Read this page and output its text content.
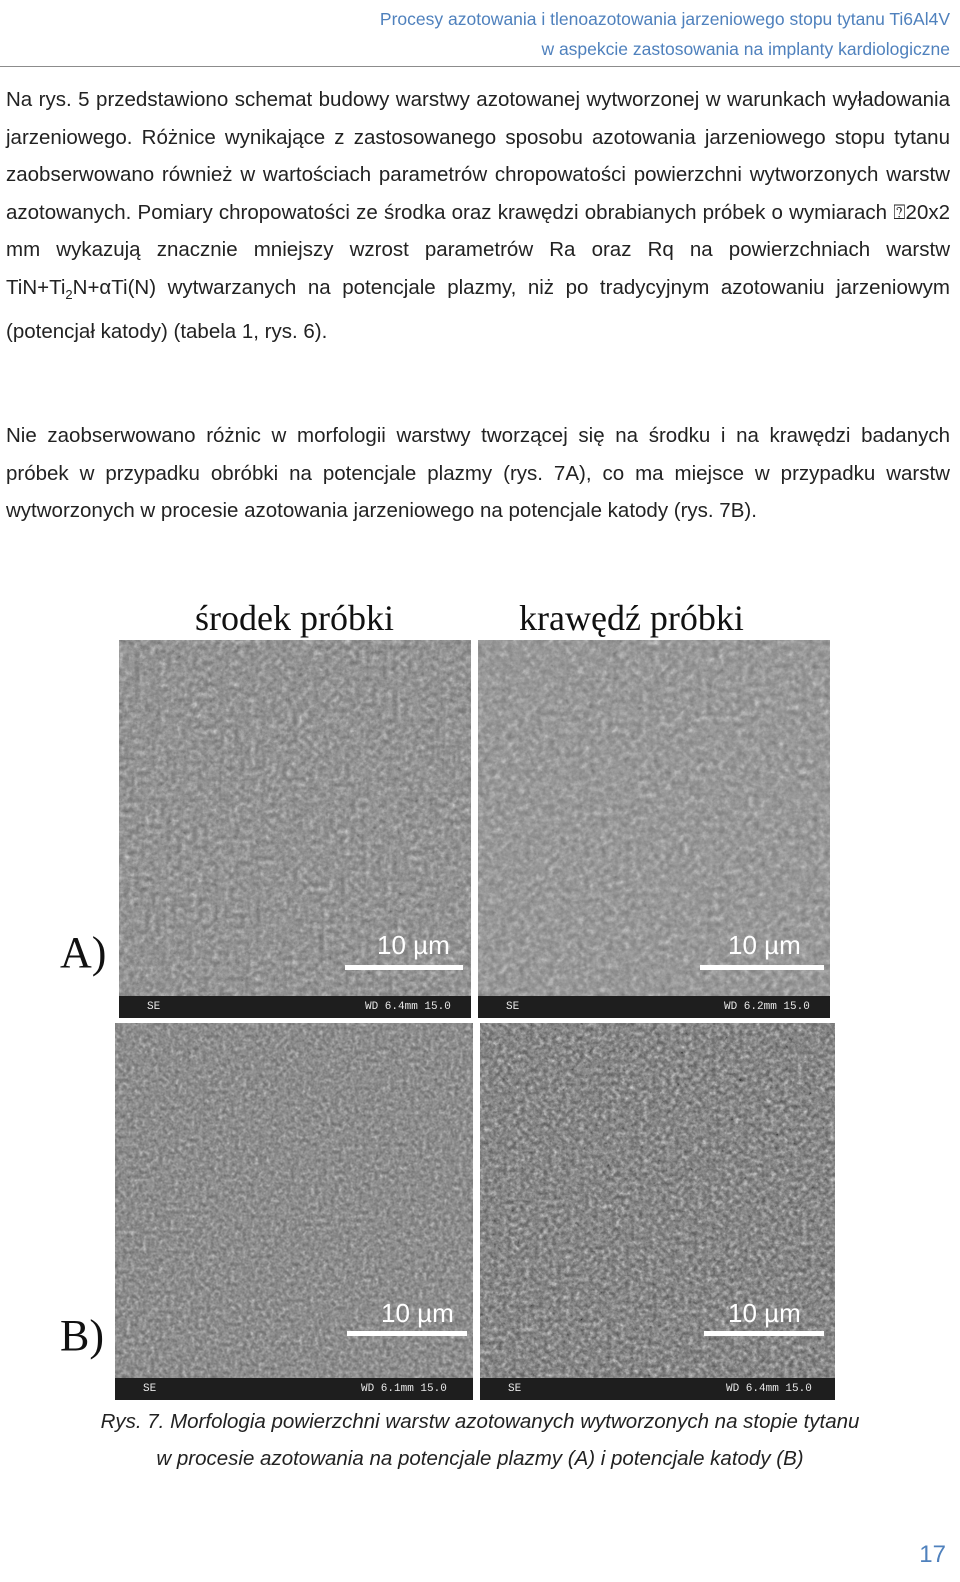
Procesy azotowania i tlenoazotowania jarzeniowego stopu tytanu Ti6Al4V
w aspekcie zastosowania na implanty kardiologiczne
Na rys. 5 przedstawiono schemat budowy warstwy azotowanej wytworzonej w warunkach wyładowania jarzeniowego. Różnice wynikające z zastosowanego sposobu azotowania jarzeniowego stopu tytanu zaobserwowano również w wartościach parametrów chropowatości powierzchni wytworzonych warstw azotowanych. Pomiary chropowatości ze środka oraz krawędzi obrabianych próbek o wymiarach ⍰20x2 mm wykazują znacznie mniejszy wzrost parametrów Ra oraz Rq na powierzchniach warstw $TiN+Ti_2N+\alpha Ti(N)$ wytwarzanych na potencjale plazmy, niż po tradycyjnym azotowaniu jarzeniowym (potencjał katody) (tabela 1, rys. 6).
Nie zaobserwowano różnic w morfologii warstwy tworzącej się na środku i na krawędzi badanych próbek w przypadku obróbki na potencjale plazmy (rys. 7A), co ma miejsce w przypadku warstw wytworzonych w procesie azotowania jarzeniowego na potencjale katody (rys. 7B).
środek próbki	krawędź próbki
A)
B)
10 µm
SE	WD 6.4mm 15.0
10 µm
SE	WD 6.2mm 15.0
10 µm
SE	WD 6.1mm 15.0
10 µm
SE	WD 6.4mm 15.0
Rys. 7. Morfologia powierzchni warstw azotowanych wytworzonych na stopie tytanu
w procesie azotowania na potencjale plazmy (A) i potencjale katody (B)
17
